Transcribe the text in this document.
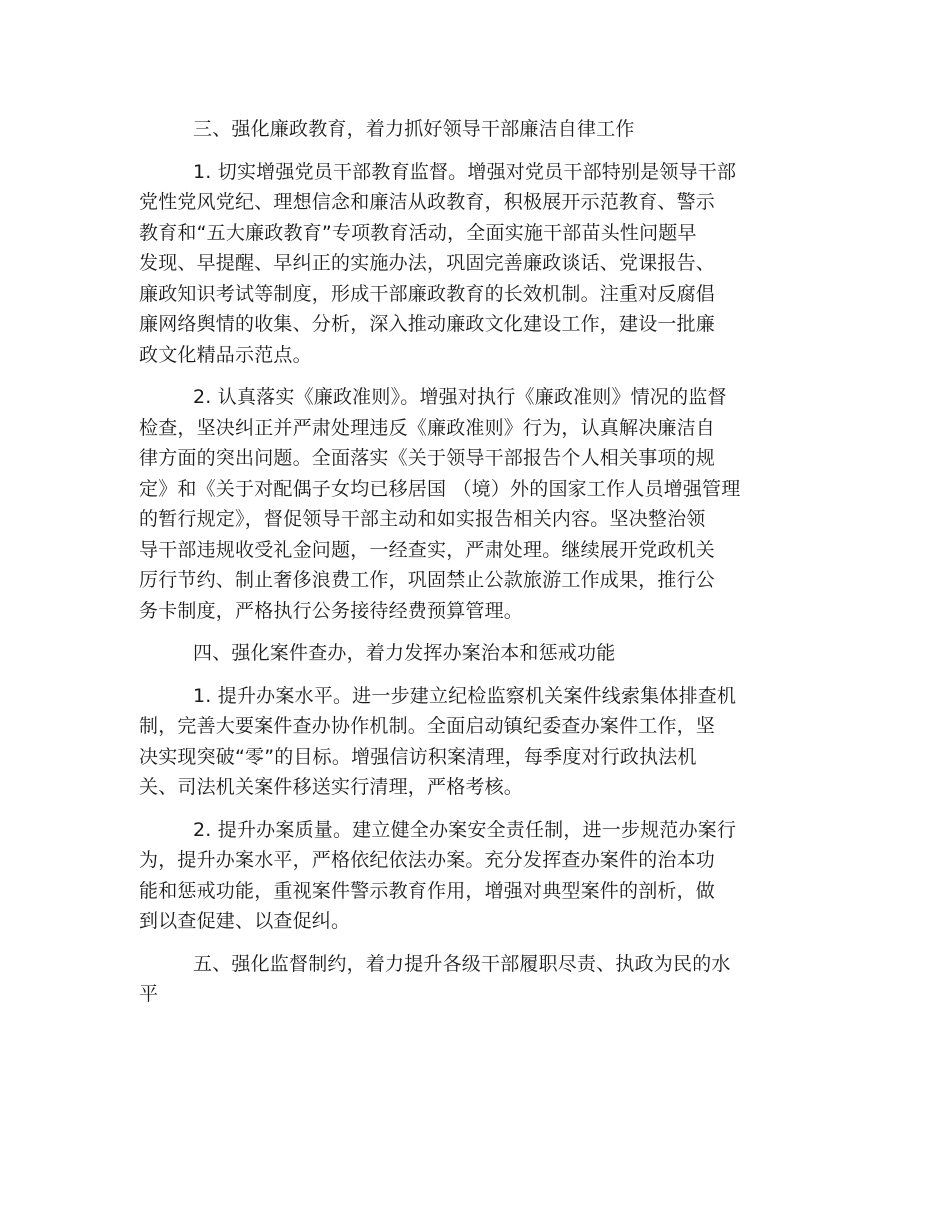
三、强化廉政教育，着力抓好领导干部廉洁自律工作

1. 切实增强党员干部教育监督。增强对党员干部特别是领导干部
党性党风党纪、理想信念和廉洁从政教育，积极展开示范教育、警示
教育和“五大廉政教育”专项教育活动，全面实施干部苗头性问题早
发现、早提醒、早纠正的实施办法，巩固完善廉政谈话、党课报告、
廉政知识考试等制度，形成干部廉政教育的长效机制。注重对反腐倡
廉网络舆情的收集、分析，深入推动廉政文化建设工作，建设一批廉
政文化精品示范点。

2. 认真落实《廉政准则》。增强对执行《廉政准则》情况的监督
检查，坚决纠正并严肃处理违反《廉政准则》行为，认真解决廉洁自
律方面的突出问题。全面落实《关于领导干部报告个人相关事项的规
定》和《关于对配偶子女均已移居国 （境）外的国家工作人员增强管理
的暂行规定》，督促领导干部主动和如实报告相关内容。坚决整治领
导干部违规收受礼金问题，一经查实，严肃处理。继续展开党政机关
厉行节约、制止奢侈浪费工作，巩固禁止公款旅游工作成果，推行公
务卡制度，严格执行公务接待经费预算管理。

四、强化案件查办，着力发挥办案治本和惩戒功能

1. 提升办案水平。进一步建立纪检监察机关案件线索集体排查机
制，完善大要案件查办协作机制。全面启动镇纪委查办案件工作，坚
决实现突破“零”的目标。增强信访积案清理，每季度对行政执法机
关、司法机关案件移送实行清理，严格考核。

2. 提升办案质量。建立健全办案安全责任制，进一步规范办案行
为，提升办案水平，严格依纪依法办案。充分发挥查办案件的治本功
能和惩戒功能，重视案件警示教育作用，增强对典型案件的剖析，做
到以查促建、以查促纠。

五、强化监督制约，着力提升各级干部履职尽责、执政为民的水
平
